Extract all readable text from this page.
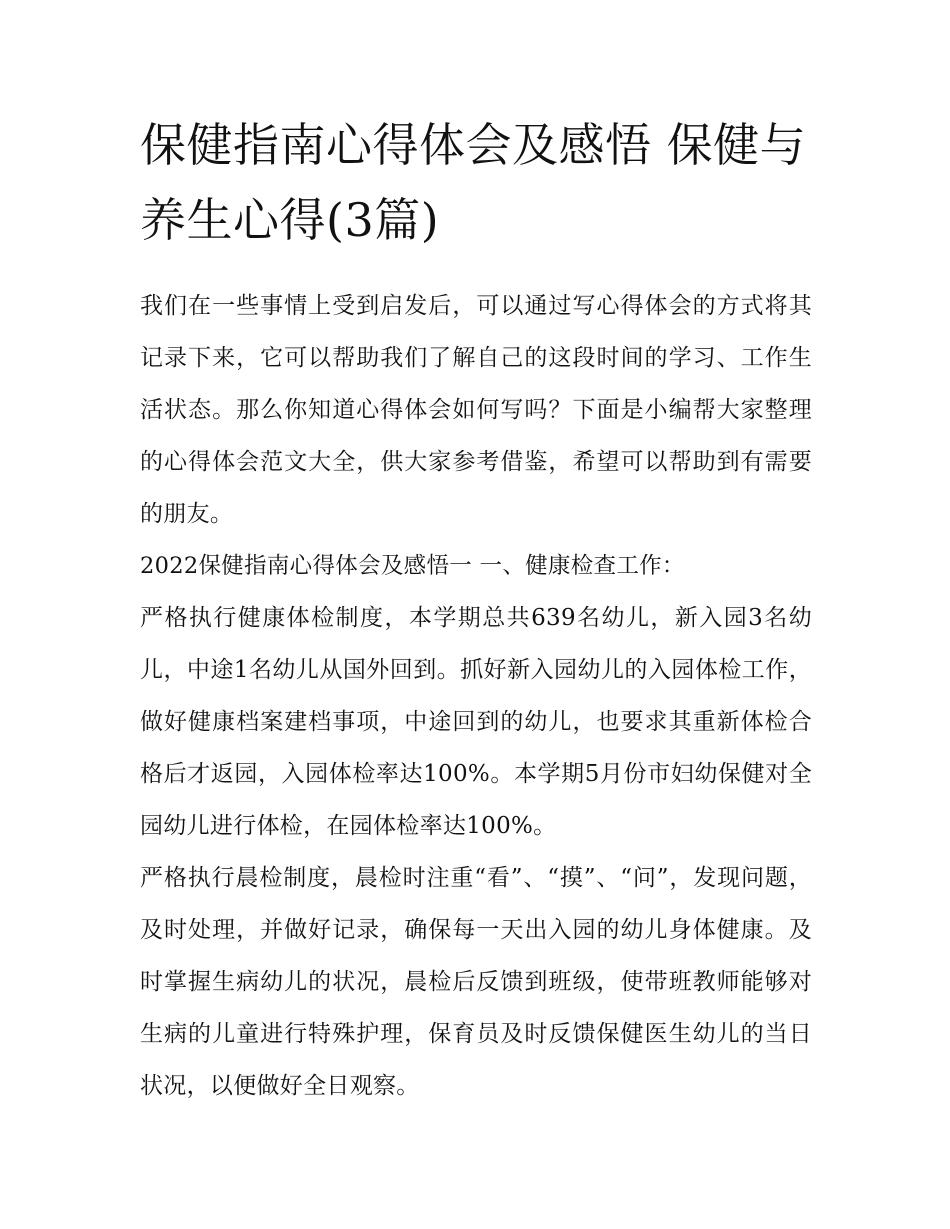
保健指南心得体会及感悟 保健与养生心得(3篇)

我们在一些事情上受到启发后，可以通过写心得体会的方式将其记录下来，它可以帮助我们了解自己的这段时间的学习、工作生活状态。那么你知道心得体会如何写吗？下面是小编帮大家整理的心得体会范文大全，供大家参考借鉴，希望可以帮助到有需要的朋友。

2022保健指南心得体会及感悟一 一、健康检查工作：

严格执行健康体检制度，本学期总共639名幼儿，新入园3名幼儿，中途1名幼儿从国外回到。抓好新入园幼儿的入园体检工作，做好健康档案建档事项，中途回到的幼儿，也要求其重新体检合格后才返园，入园体检率达100%。本学期5月份市妇幼保健对全园幼儿进行体检，在园体检率达100%。

严格执行晨检制度，晨检时注重“看”、“摸”、“问”，发现问题，及时处理，并做好记录，确保每一天出入园的幼儿身体健康。及时掌握生病幼儿的状况，晨检后反馈到班级，使带班教师能够对生病的儿童进行特殊护理，保育员及时反馈保健医生幼儿的当日状况，以便做好全日观察。
